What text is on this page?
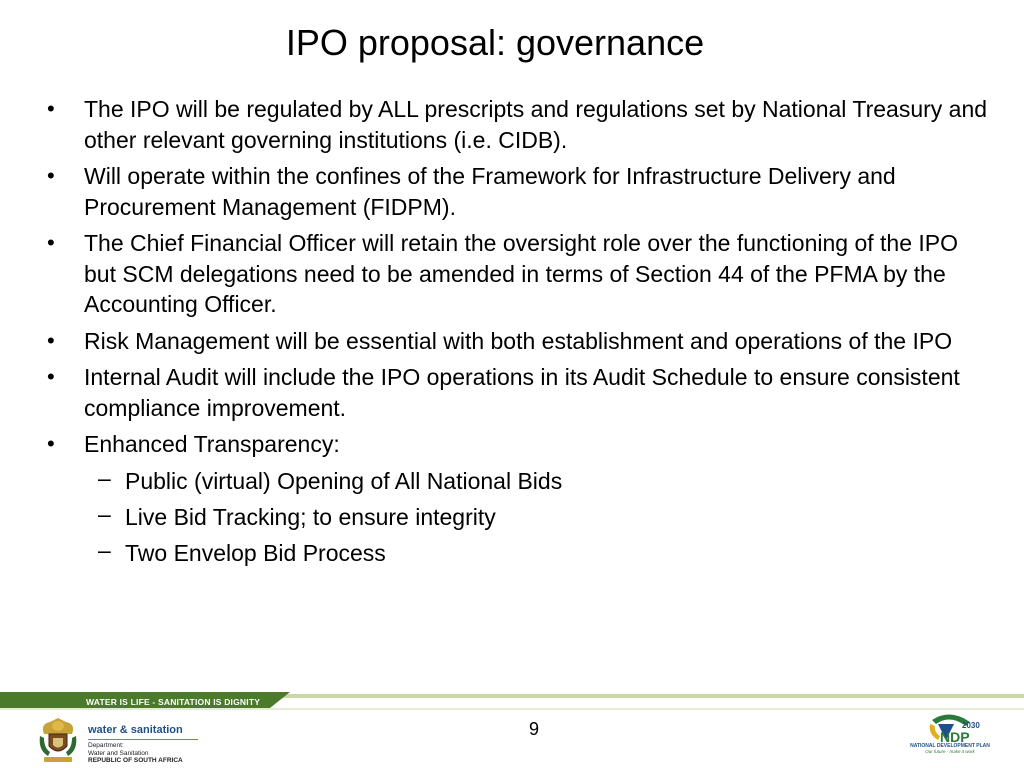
IPO proposal: governance
• The IPO will be regulated by ALL prescripts and regulations set by National Treasury and other relevant governing institutions (i.e. CIDB).
• Will operate within the confines of the Framework for Infrastructure Delivery and Procurement Management (FIDPM).
• The Chief Financial Officer will retain the oversight role over the functioning of the IPO but SCM delegations need to be amended in terms of Section 44 of the PFMA by the Accounting Officer.
• Risk Management will be essential with both establishment and operations of the IPO
• Internal Audit will include the IPO operations in its Audit Schedule to ensure consistent compliance improvement.
• Enhanced Transparency:
– Public (virtual) Opening of All National Bids
– Live Bid Tracking; to ensure integrity
– Two Envelop Bid Process
WATER IS LIFE - SANITATION IS DIGNITY
9
water & sanitation
Department:
Water and Sanitation
REPUBLIC OF SOUTH AFRICA
2030
NDP
NATIONAL DEVELOPMENT PLAN
Our future - make it work
